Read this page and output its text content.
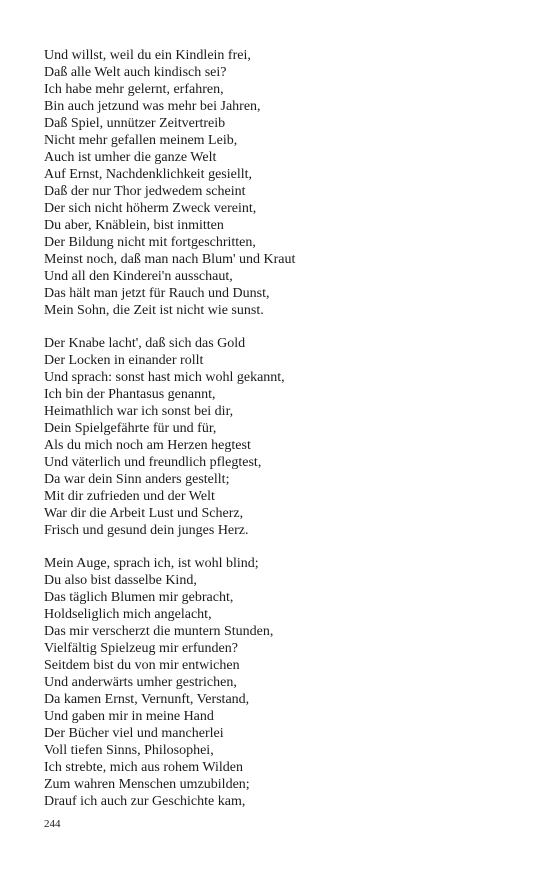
Und willst, weil du ein Kindlein frei,
Daß alle Welt auch kindisch sei?
Ich habe mehr gelernt, erfahren,
Bin auch jetzund was mehr bei Jahren,
Daß Spiel, unnützer Zeitvertreib
Nicht mehr gefallen meinem Leib,
Auch ist umher die ganze Welt
Auf Ernst, Nachdenklichkeit gesiellt,
Daß der nur Thor jedwedem scheint
Der sich nicht höherm Zweck vereint,
Du aber, Knäblein, bist inmitten
Der Bildung nicht mit fortgeschritten,
Meinst noch, daß man nach Blum' und Kraut
Und all den Kinderei'n ausschaut,
Das hält man jetzt für Rauch und Dunst,
Mein Sohn, die Zeit ist nicht wie sunst.
Der Knabe lacht', daß sich das Gold
Der Locken in einander rollt
Und sprach: sonst hast mich wohl gekannt,
Ich bin der Phantasus genannt,
Heimathlich war ich sonst bei dir,
Dein Spielgefährte für und für,
Als du mich noch am Herzen hegtest
Und väterlich und freundlich pflegtest,
Da war dein Sinn anders gestellt;
Mit dir zufrieden und der Welt
War dir die Arbeit Lust und Scherz,
Frisch und gesund dein junges Herz.
Mein Auge, sprach ich, ist wohl blind;
Du also bist dasselbe Kind,
Das täglich Blumen mir gebracht,
Holdseliglich mich angelacht,
Das mir verscherzt die muntern Stunden,
Vielfältig Spielzeug mir erfunden?
Seitdem bist du von mir entwichen
Und anderwärts umher gestrichen,
Da kamen Ernst, Vernunft, Verstand,
Und gaben mir in meine Hand
Der Bücher viel und mancherlei
Voll tiefen Sinns, Philosophei,
Ich strebte, mich aus rohem Wilden
Zum wahren Menschen umzubilden;
Drauf ich auch zur Geschichte kam,
244
